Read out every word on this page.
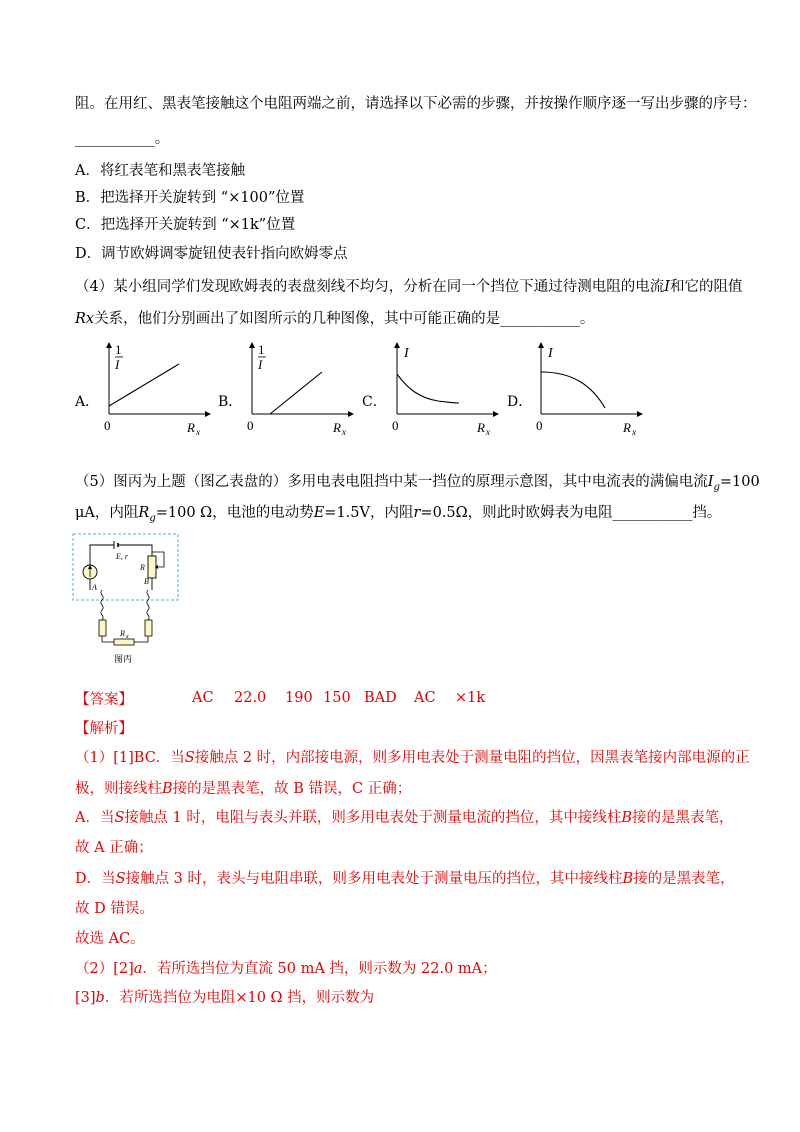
阻。在用红、黑表笔接触这个电阻两端之前，请选择以下必需的步骤，并按操作顺序逐一写出步骤的序号：
___________。
A．将红表笔和黑表笔接触
B．把选择开关旋转到 “×100”位置
C．把选择开关旋转到 “×1k”位置
D．调节欧姆调零旋钮使表针指向欧姆零点
（4）某小组同学们发现欧姆表的表盘刻线不均匀，分析在同一个挡位下通过待测电阻的电流I和它的阻值
Rx关系，他们分别画出了如图所示的几种图像，其中可能正确的是___________。
A．
1
I
0	R x
B．
1
I
0	R x
C．
I
0	R x
D．
I
0	R x
（5）图丙为上题（图乙表盘的）多用电表电阻挡中某一挡位的原理示意图，其中电流表的满偏电流$I_g=100$
μA，内阻$R_g=100$ Ω，电池的电动势E=1.5V，内阻r=0.5Ω，则此时欧姆表为电阻___________挡。
E, r
A
R
B
R x
图丙
【答案】	AC 22.0 190 150 BAD AC ×1k
【解析】
（1）[1]BC．当S接触点 2 时，内部接电源，则多用电表处于测量电阻的挡位，因黑表笔接内部电源的正
极，则接线柱B接的是黑表笔，故 B 错误，C 正确；
A．当S接触点 1 时，电阻与表头并联，则多用电表处于测量电流的挡位，其中接线柱B接的是黑表笔，
故 A 正确；
D．当S接触点 3 时，表头与电阻串联，则多用电表处于测量电压的挡位，其中接线柱B接的是黑表笔，
故 D 错误。
故选 AC。
（2）[2]a．若所选挡位为直流 50 mA 挡，则示数为 22.0 mA；
[3]b．若所选挡位为电阻×10 Ω 挡，则示数为
